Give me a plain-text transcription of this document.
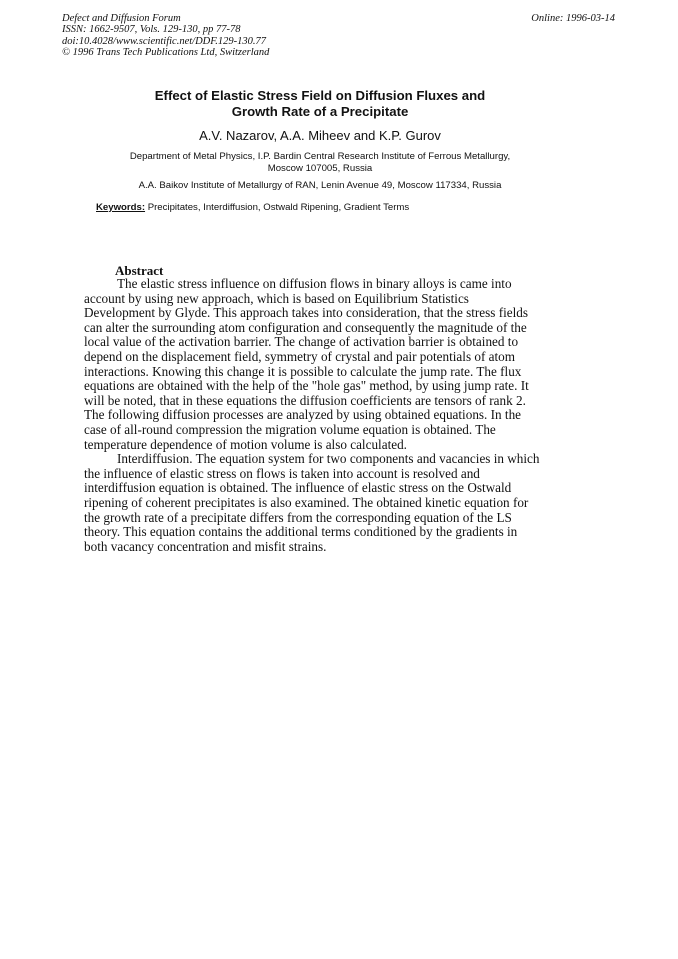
Defect and Diffusion Forum
ISSN: 1662-9507, Vols. 129-130, pp 77-78
doi:10.4028/www.scientific.net/DDF.129-130.77
© 1996 Trans Tech Publications Ltd, Switzerland
Online: 1996-03-14
Effect of Elastic Stress Field on Diffusion Fluxes and
Growth Rate of a Precipitate
A.V. Nazarov, A.A. Miheev and K.P. Gurov
Department of Metal Physics, I.P. Bardin Central Research Institute of Ferrous Metallurgy,
Moscow 107005, Russia
A.A. Baikov Institute of Metallurgy of RAN, Lenin Avenue 49, Moscow 117334, Russia
Keywords: Precipitates, Interdiffusion, Ostwald Ripening, Gradient Terms
Abstract
The elastic stress influence on diffusion flows in binary alloys is came into
account by using new approach, which is based on Equilibrium Statistics
Development by Glyde. This approach takes into consideration, that the stress fields
can alter the surrounding atom configuration and consequently the magnitude of the
local value of the activation barrier. The change of activation barrier is obtained to
depend on the displacement field, symmetry of crystal and pair potentials of atom
interactions. Knowing this change it is possible to calculate the jump rate. The flux
equations are obtained with the help of the "hole gas" method, by using jump rate. It
will be noted, that in these equations the diffusion coefficients are tensors of rank 2.
The following diffusion processes are analyzed by using obtained equations. In the
case of all-round compression the migration volume equation is obtained. The
temperature dependence of motion volume is also calculated.
Interdiffusion. The equation system for two components and vacancies in which
the influence of elastic stress on flows is taken into account is resolved and
interdiffusion equation is obtained. The influence of elastic stress on the Ostwald
ripening of coherent precipitates is also examined. The obtained kinetic equation for
the growth rate of a precipitate differs from the corresponding equation of the LS
theory. This equation contains the additional terms conditioned by the gradients in
both vacancy concentration and misfit strains.
